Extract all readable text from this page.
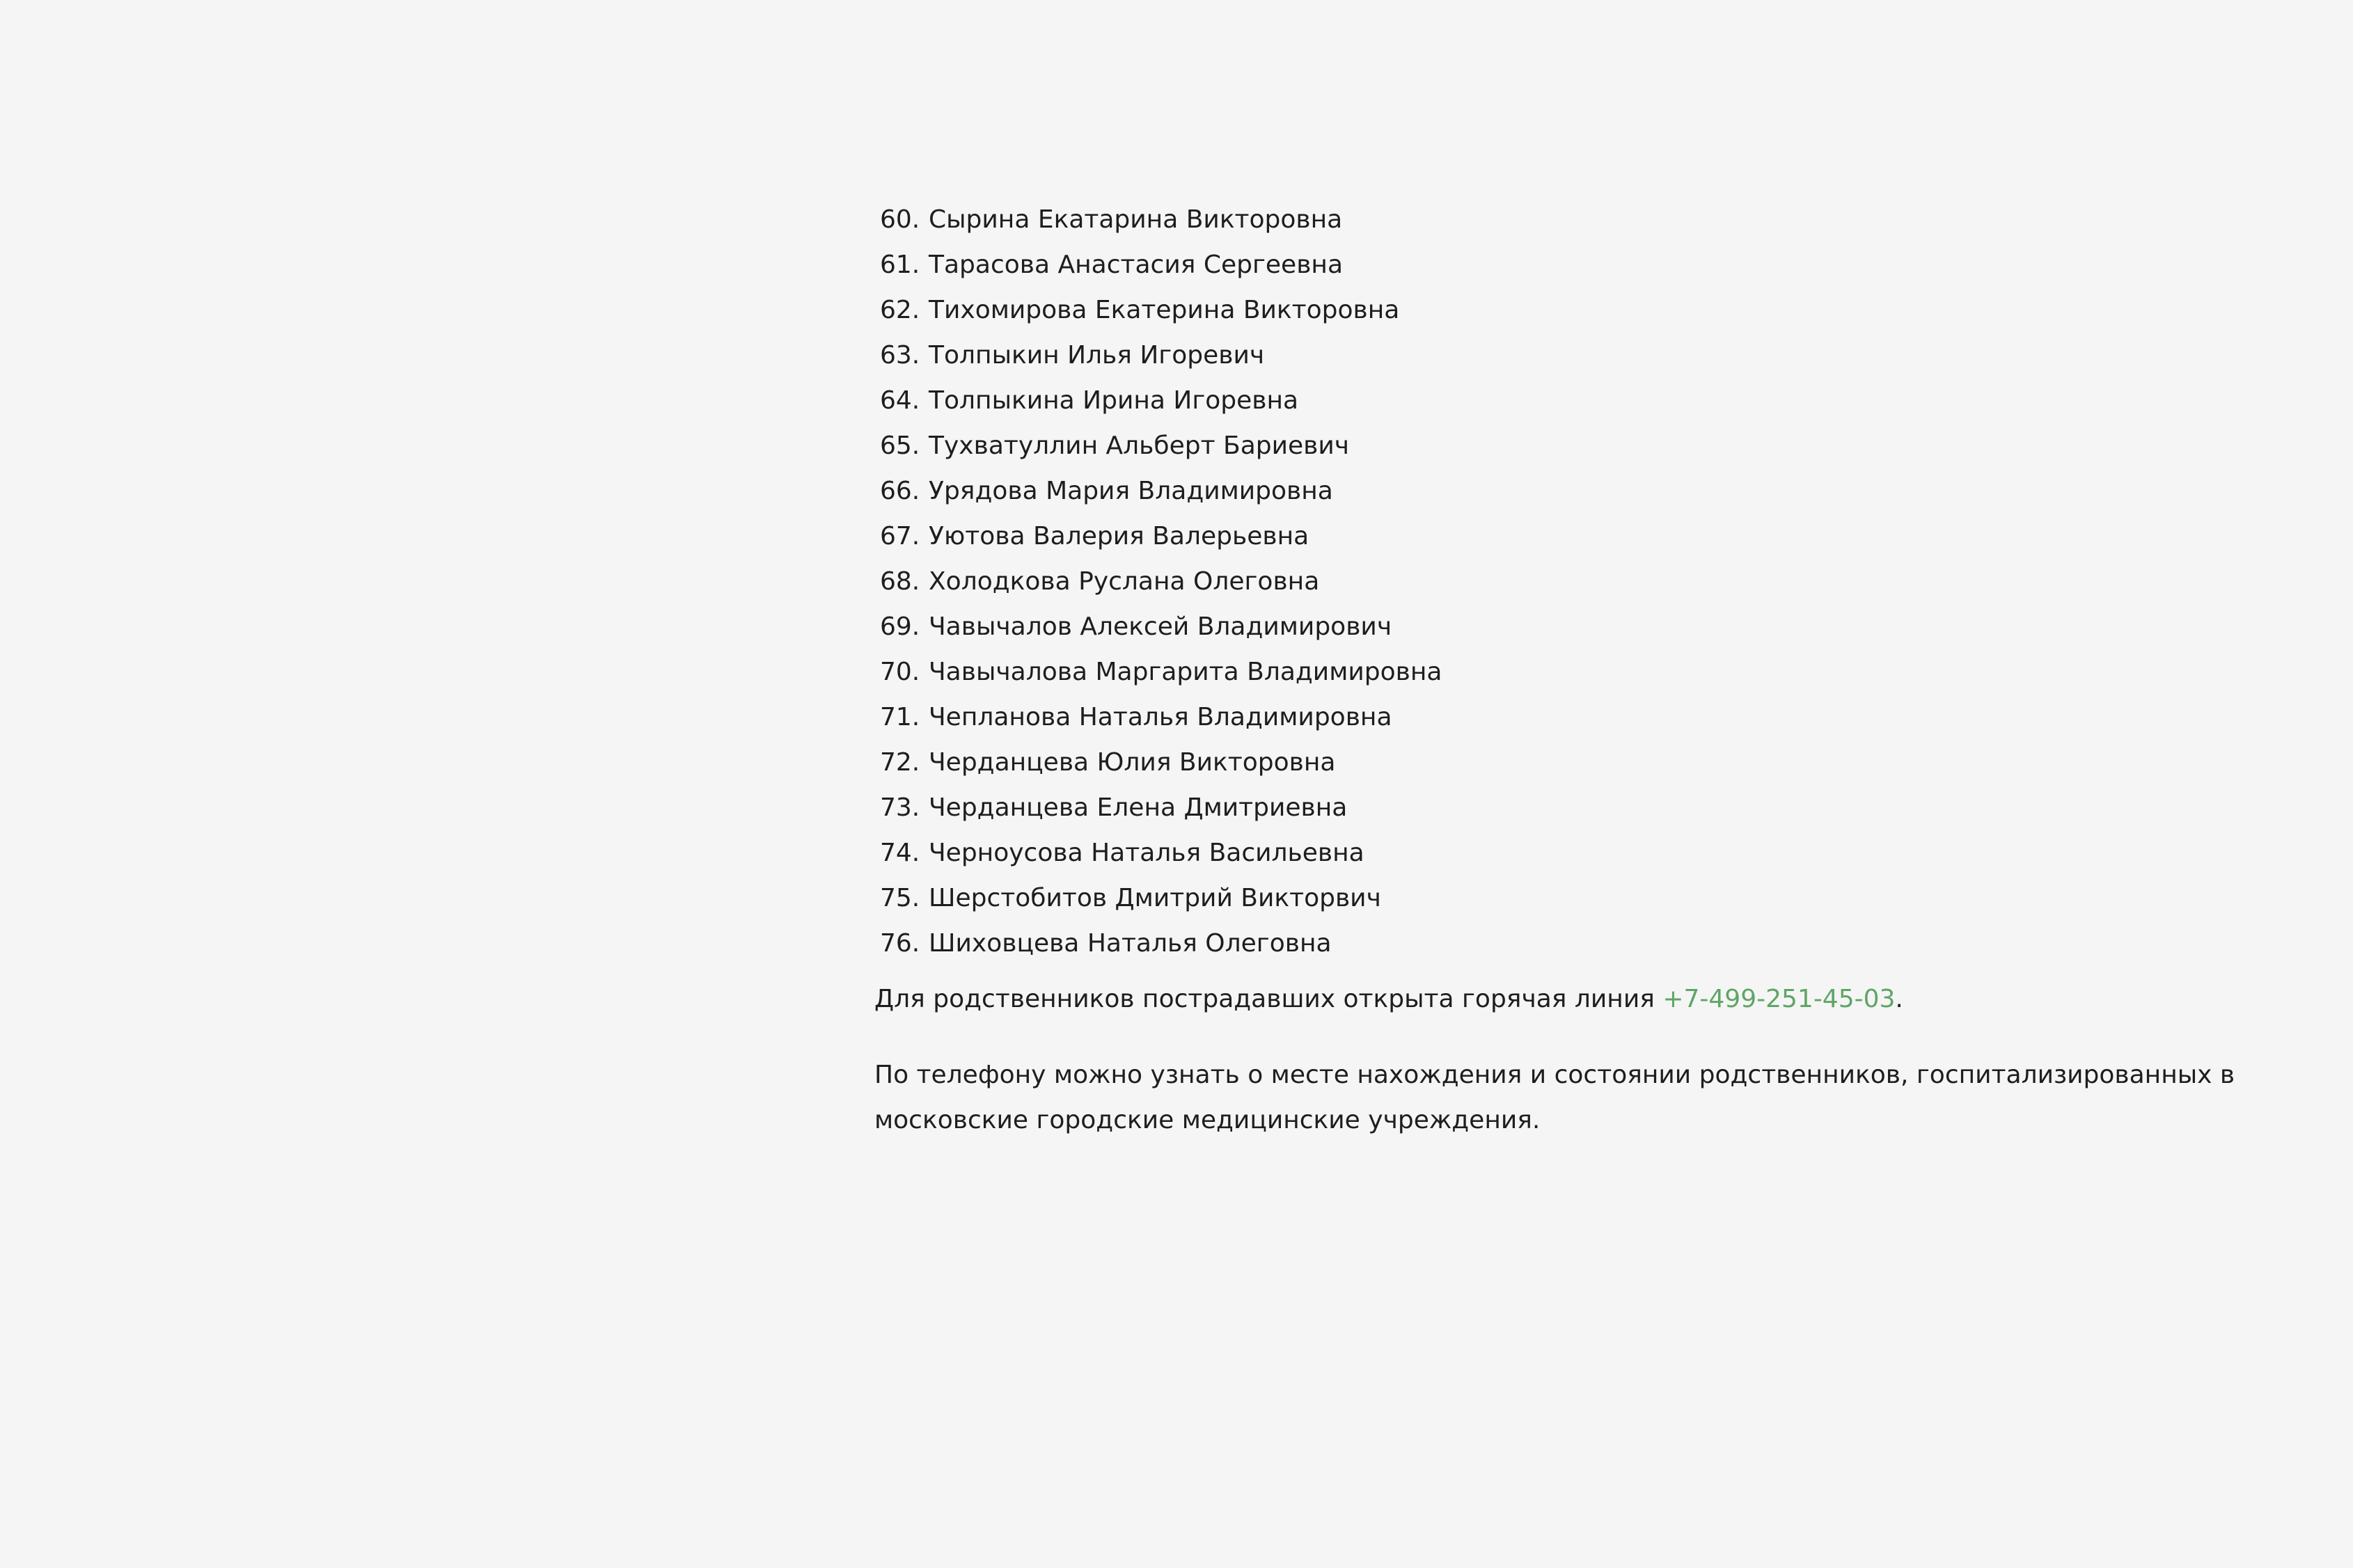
60. Сырина Екатарина Викторовна
61. Тарасова Анастасия Сергеевна
62. Тихомирова Екатерина Викторовна
63. Толпыкин Илья Игоревич
64. Толпыкина Ирина Игоревна
65. Тухватуллин Альберт Бариевич
66. Урядова Мария Владимировна
67. Уютова Валерия Валерьевна
68. Холодкова Руслана Олеговна
69. Чавычалов Алексей Владимирович
70. Чавычалова Маргарита Владимировна
71. Чепланова Наталья Владимировна
72. Черданцева Юлия Викторовна
73. Черданцева Елена Дмитриевна
74. Черноусова Наталья Васильевна
75. Шерстобитов Дмитрий Викторвич
76. Шиховцева Наталья Олеговна

Для родственников пострадавших открыта горячая линия +7-499-251-45-03.

По телефону можно узнать о месте нахождения и состоянии родственников, госпитализированных в
московские городские медицинские учреждения.
